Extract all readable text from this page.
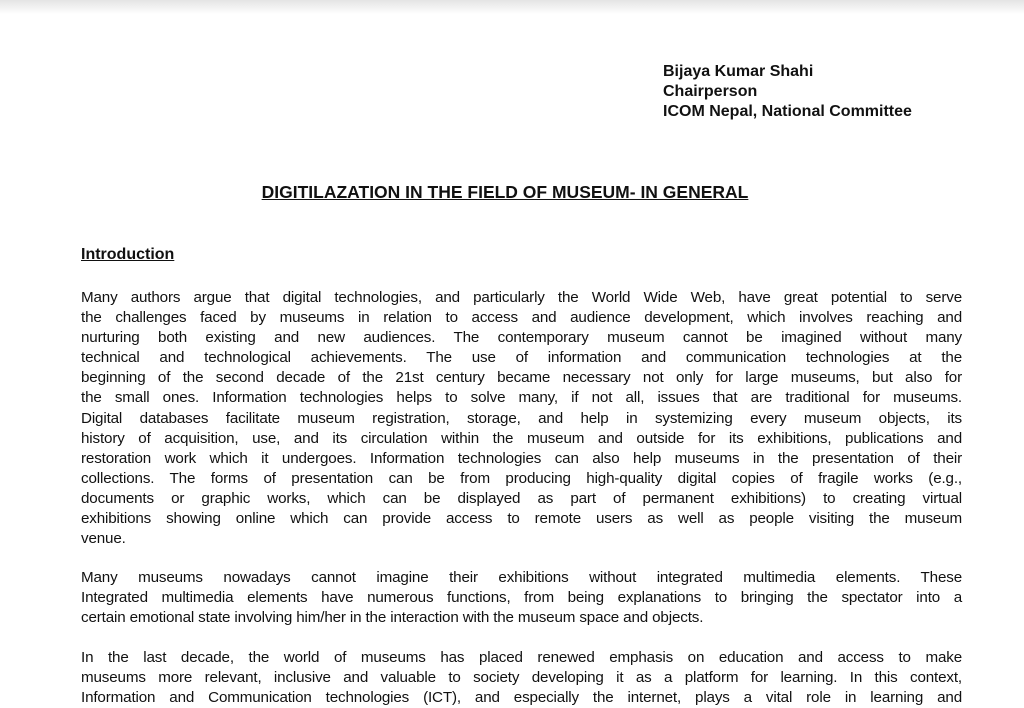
Bijaya Kumar Shahi
Chairperson
ICOM Nepal, National Committee
DIGITILAZATION IN THE FIELD OF MUSEUM- IN GENERAL
Introduction
Many authors argue that digital technologies, and particularly the World Wide Web, have great potential to serve
the challenges faced by museums in relation to access and audience development, which involves reaching and
nurturing both existing and new audiences. The contemporary museum cannot be imagined without many
technical and technological achievements. The use of information and communication technologies at the
beginning of the second decade of the 21st century became necessary not only for large museums, but also for
the small ones. Information technologies helps to solve many, if not all, issues that are traditional for museums.
Digital databases facilitate museum registration, storage, and help in systemizing every museum objects, its
history of acquisition, use, and its circulation within the museum and outside for its exhibitions, publications and
restoration work which it undergoes. Information technologies can also help museums in the presentation of their
collections. The forms of presentation can be from producing high-quality digital copies of fragile works (e.g.,
documents or graphic works, which can be displayed as part of permanent exhibitions) to creating virtual
exhibitions showing online which can provide access to remote users as well as people visiting the museum
venue.
Many museums nowadays cannot imagine their exhibitions without integrated multimedia elements. These
Integrated multimedia elements have numerous functions, from being explanations to bringing the spectator into a
certain emotional state involving him/her in the interaction with the museum space and objects.
In the last decade, the world of museums has placed renewed emphasis on education and access to make
museums more relevant, inclusive and valuable to society developing it as a platform for learning. In this context,
Information and Communication technologies (ICT), and especially the internet, plays a vital role in learning and
